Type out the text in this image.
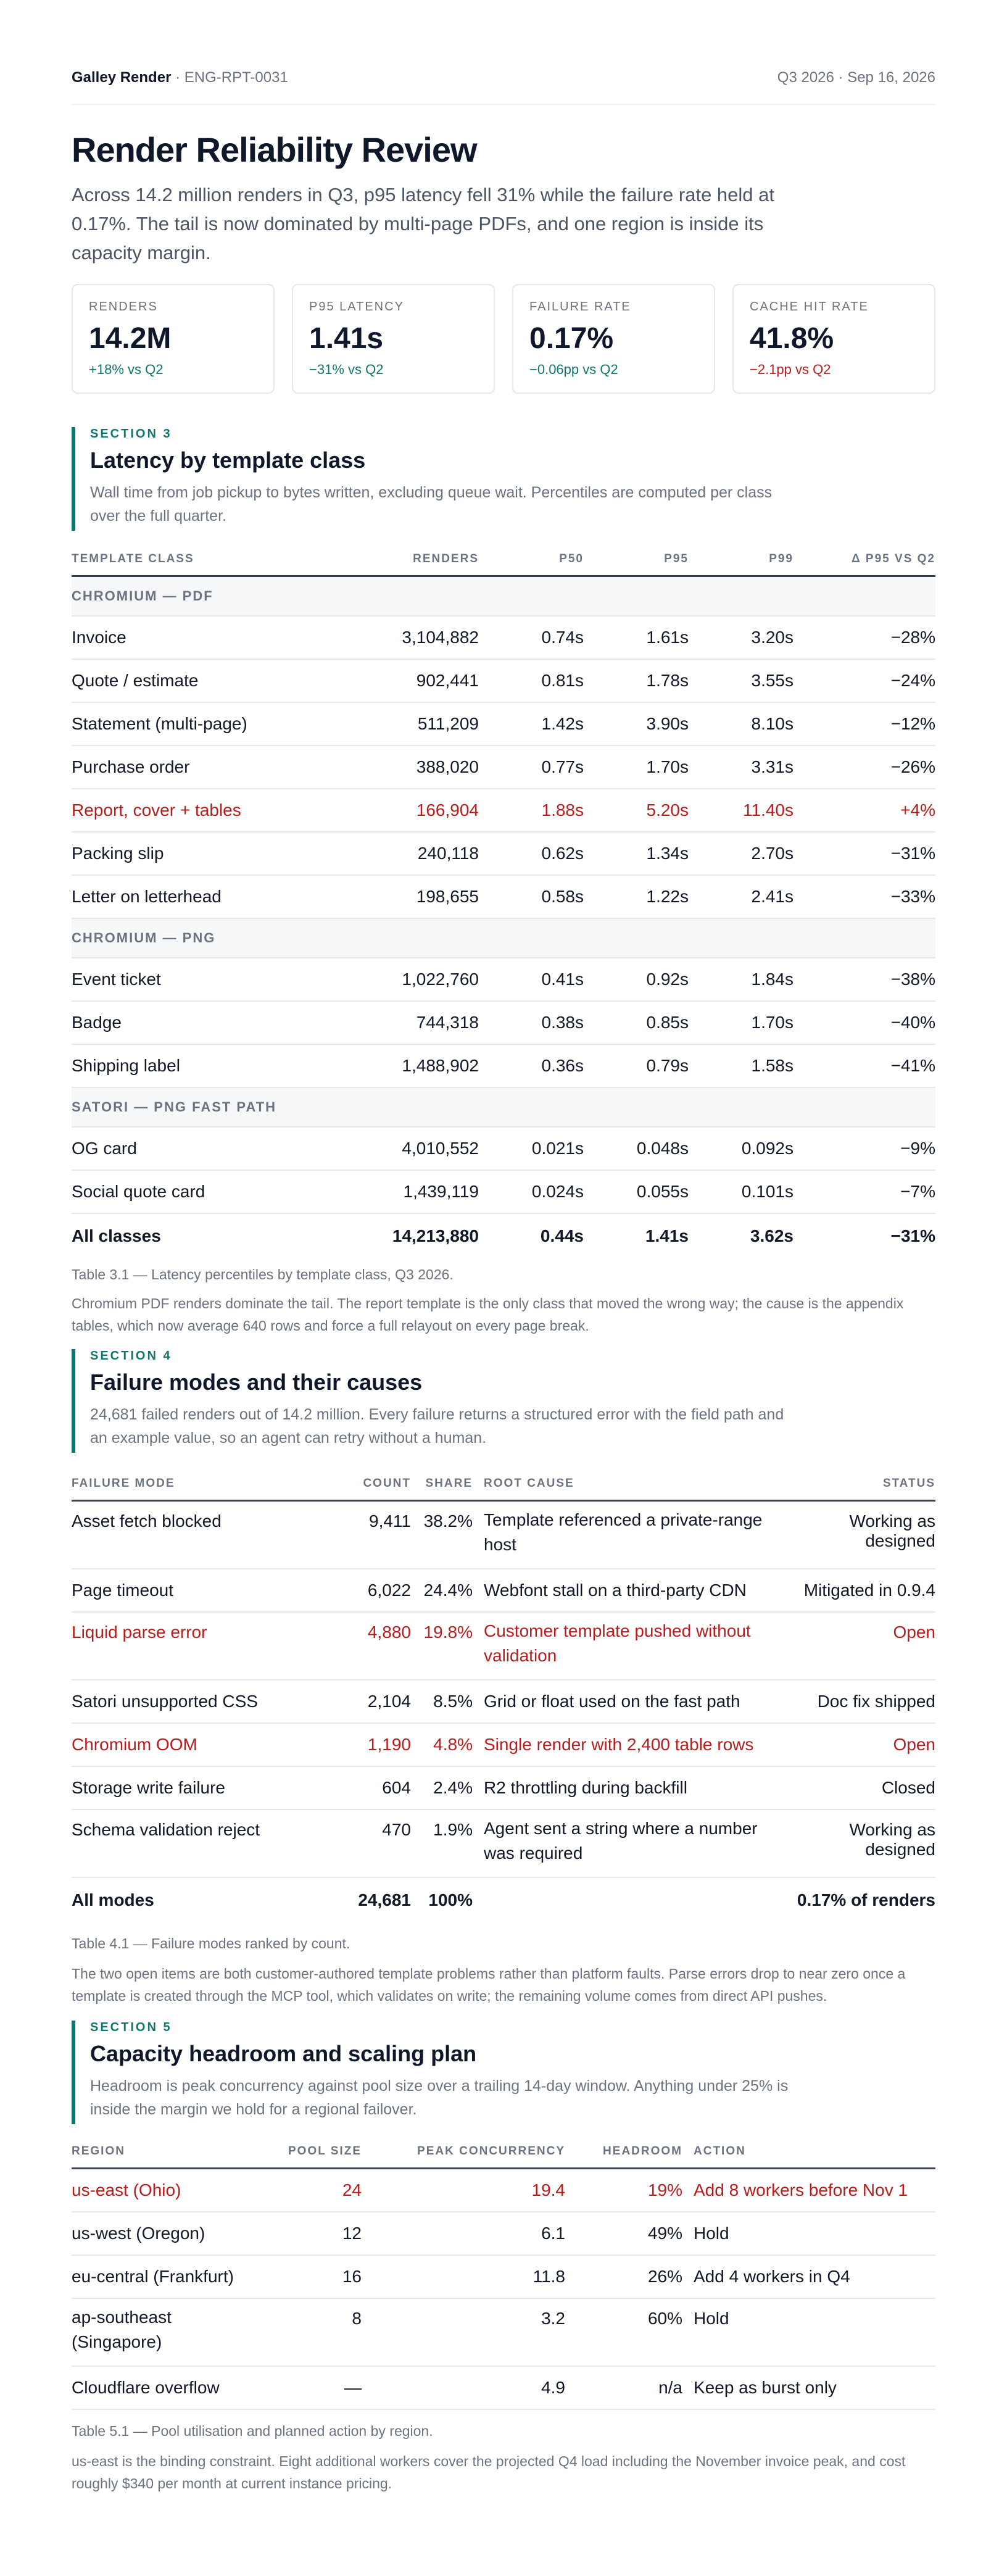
Galley Render · ENG-RPT-0031	Q3 2026 · Sep 16, 2026
Render Reliability Review
Across 14.2 million renders in Q3, p95 latency fell 31% while the failure rate held at 0.17%. The tail is now dominated by multi-page PDFs, and one region is inside its capacity margin.
RENDERS
14.2M
+18% vs Q2
P95 LATENCY
1.41s
−31% vs Q2
FAILURE RATE
0.17%
−0.06pp vs Q2
CACHE HIT RATE
41.8%
−2.1pp vs Q2
SECTION 3
Latency by template class
Wall time from job pickup to bytes written, excluding queue wait. Percentiles are computed per class over the full quarter.
TEMPLATE CLASS	RENDERS	P50	P95	P99	Δ P95 VS Q2
CHROMIUM — PDF					
Invoice	3,104,882	0.74s	1.61s	3.20s	−28%
Quote / estimate	902,441	0.81s	1.78s	3.55s	−24%
Statement (multi-page)	511,209	1.42s	3.90s	8.10s	−12%
Purchase order	388,020	0.77s	1.70s	3.31s	−26%
Report, cover + tables	166,904	1.88s	5.20s	11.40s	+4%
Packing slip	240,118	0.62s	1.34s	2.70s	−31%
Letter on letterhead	198,655	0.58s	1.22s	2.41s	−33%
CHROMIUM — PNG					
Event ticket	1,022,760	0.41s	0.92s	1.84s	−38%
Badge	744,318	0.38s	0.85s	1.70s	−40%
Shipping label	1,488,902	0.36s	0.79s	1.58s	−41%
SATORI — PNG FAST PATH					
OG card	4,010,552	0.021s	0.048s	0.092s	−9%
Social quote card	1,439,119	0.024s	0.055s	0.101s	−7%
All classes	14,213,880	0.44s	1.41s	3.62s	−31%
Table 3.1 — Latency percentiles by template class, Q3 2026.
Chromium PDF renders dominate the tail. The report template is the only class that moved the wrong way; the cause is the appendix tables, which now average 640 rows and force a full relayout on every page break.
SECTION 4
Failure modes and their causes
24,681 failed renders out of 14.2 million. Every failure returns a structured error with the field path and an example value, so an agent can retry without a human.
FAILURE MODE	COUNT	SHARE	ROOT CAUSE	STATUS
Asset fetch blocked	9,411	38.2%	Template referenced a private-range host	Working as designed
Page timeout	6,022	24.4%	Webfont stall on a third-party CDN	Mitigated in 0.9.4
Liquid parse error	4,880	19.8%	Customer template pushed without validation	Open
Satori unsupported CSS	2,104	8.5%	Grid or float used on the fast path	Doc fix shipped
Chromium OOM	1,190	4.8%	Single render with 2,400 table rows	Open
Storage write failure	604	2.4%	R2 throttling during backfill	Closed
Schema validation reject	470	1.9%	Agent sent a string where a number was required	Working as designed
All modes	24,681	100%		0.17% of renders
Table 4.1 — Failure modes ranked by count.
The two open items are both customer-authored template problems rather than platform faults. Parse errors drop to near zero once a template is created through the MCP tool, which validates on write; the remaining volume comes from direct API pushes.
SECTION 5
Capacity headroom and scaling plan
Headroom is peak concurrency against pool size over a trailing 14-day window. Anything under 25% is inside the margin we hold for a regional failover.
REGION	POOL SIZE	PEAK CONCURRENCY	HEADROOM	ACTION
us-east (Ohio)	24	19.4	19%	Add 8 workers before Nov 1
us-west (Oregon)	12	6.1	49%	Hold
eu-central (Frankfurt)	16	11.8	26%	Add 4 workers in Q4
ap-southeast (Singapore)	8	3.2	60%	Hold
Cloudflare overflow	—	4.9	n/a	Keep as burst only
Table 5.1 — Pool utilisation and planned action by region.
us-east is the binding constraint. Eight additional workers cover the projected Q4 load including the November invoice peak, and cost roughly $340 per month at current instance pricing.
